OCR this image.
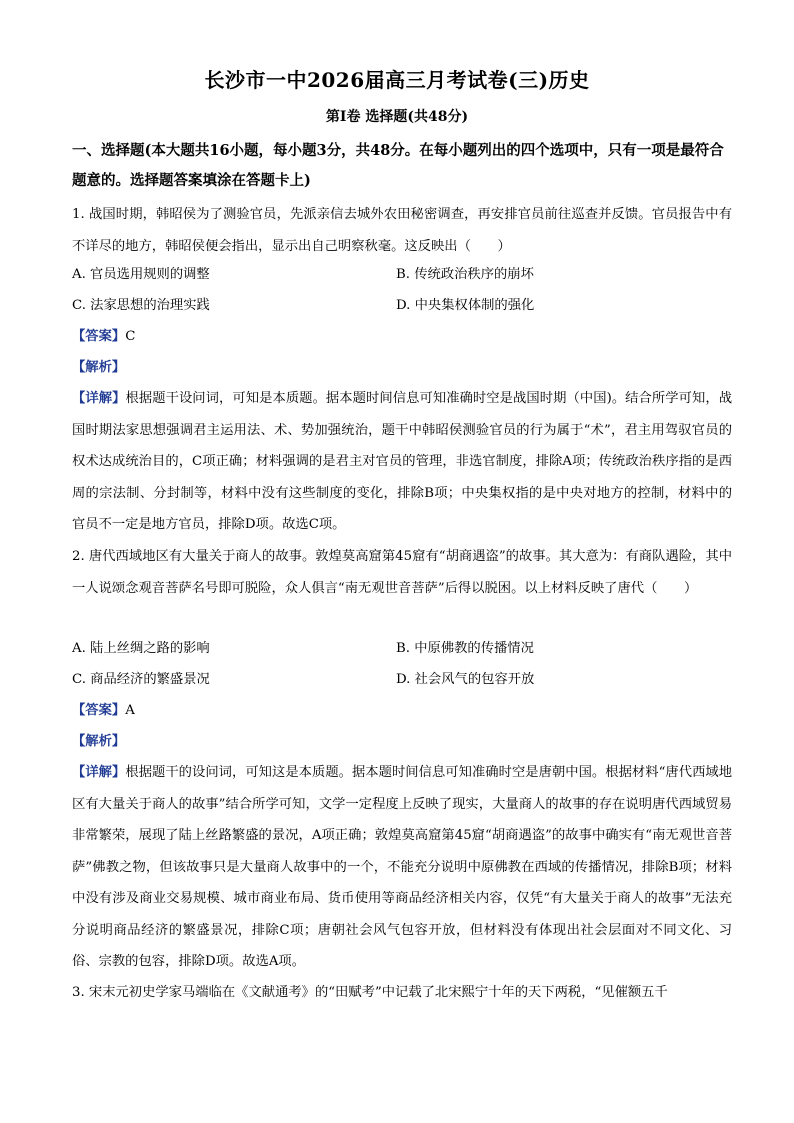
长沙市一中2026届高三月考试卷(三)历史
第Ⅰ卷 选择题(共48分)
一、选择题(本大题共16小题，每小题3分，共48分。在每小题列出的四个选项中，只有一项是最符合题意的。选择题答案填涂在答题卡上)
1. 战国时期，韩昭侯为了测验官员，先派亲信去城外农田秘密调查，再安排官员前往巡查并反馈。官员报告中有不详尽的地方，韩昭侯便会指出，显示出自己明察秋毫。这反映出（　　）
A. 官员选用规则的调整	B. 传统政治秩序的崩坏
C. 法家思想的治理实践	D. 中央集权体制的强化
【答案】C
【解析】
【详解】根据题干设问词，可知是本质题。据本题时间信息可知准确时空是战国时期（中国)。结合所学可知，战国时期法家思想强调君主运用法、术、势加强统治，题干中韩昭侯测验官员的行为属于“术”，君主用驾驭官员的权术达成统治目的，C项正确；材料强调的是君主对官员的管理，非选官制度，排除A项；传统政治秩序指的是西周的宗法制、分封制等，材料中没有这些制度的变化，排除B项；中央集权指的是中央对地方的控制，材料中的官员不一定是地方官员，排除D项。故选C项。
2. 唐代西域地区有大量关于商人的故事。敦煌莫高窟第45窟有“胡商遇盗”的故事。其大意为：有商队遇险，其中一人说颂念观音菩萨名号即可脱险，众人俱言“南无观世音菩萨”后得以脱困。以上材料反映了唐代（　　）
A. 陆上丝绸之路的影响	B. 中原佛教的传播情况
C. 商品经济的繁盛景况	D. 社会风气的包容开放
【答案】A
【解析】
【详解】根据题干的设问词，可知这是本质题。据本题时间信息可知准确时空是唐朝中国。根据材料“唐代西域地区有大量关于商人的故事”结合所学可知，文学一定程度上反映了现实，大量商人的故事的存在说明唐代西域贸易非常繁荣，展现了陆上丝路繁盛的景况，A项正确；敦煌莫高窟第45窟“胡商遇盗”的故事中确实有“南无观世音菩萨”佛教之物，但该故事只是大量商人故事中的一个，不能充分说明中原佛教在西域的传播情况，排除B项；材料中没有涉及商业交易规模、城市商业布局、货币使用等商品经济相关内容，仅凭“有大量关于商人的故事”无法充分说明商品经济的繁盛景况，排除C项；唐朝社会风气包容开放，但材料没有体现出社会层面对不同文化、习俗、宗教的包容，排除D项。故选A项。
3. 宋末元初史学家马端临在《文献通考》的“田赋考”中记载了北宋熙宁十年的天下两税，“见催额五千
